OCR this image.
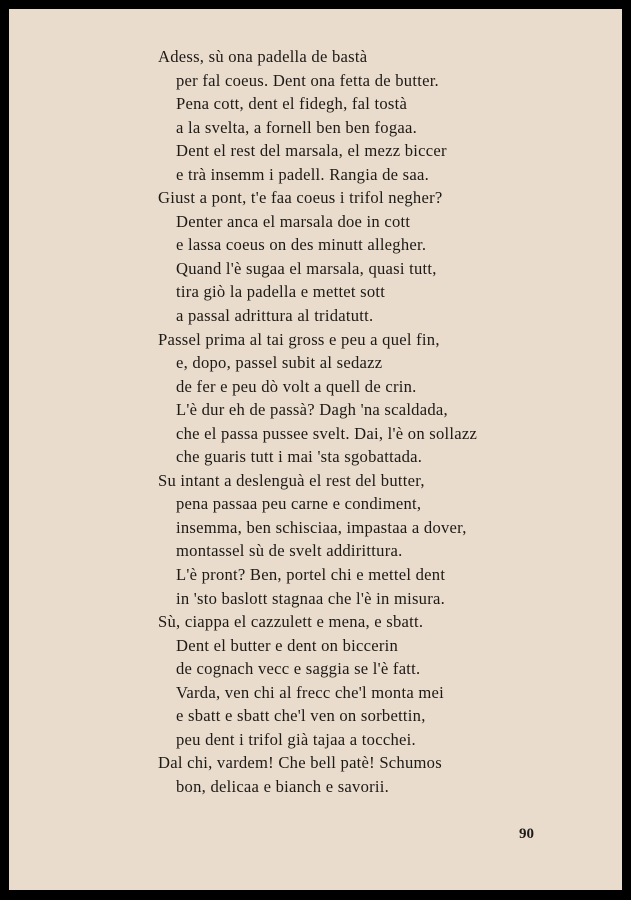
Adess, sù ona padella de bastà
per fal coeus. Dent ona fetta de butter.
Pena cott, dent el fidegh, fal tostà
a la svelta, a fornell ben ben fogaa.
Dent el rest del marsala, el mezz biccer
e trà insemm i padell. Rangia de saa.
Giust a pont, t'e faa coeus i trifol negher?
Denter anca el marsala doe in cott
e lassa coeus on des minutt allegher.
Quand l'è sugaa el marsala, quasi tutt,
tira giò la padella e mettet sott
a passal adrittura al tridatutt.
Passel prima al tai gross e peu a quel fin,
e, dopo, passel subit al sedazz
de fer e peu dò volt a quell de crin.
L'è dur eh de passà? Dagh 'na scaldada,
che el passa pussee svelt. Dai, l'è on sollazz
che guaris tutt i mai 'sta sgobattada.
Su intant a deslenguà el rest del butter,
pena passaa peu carne e condiment,
insemma, ben schisciaa, impastaa a dover,
montassel sù de svelt addirittura.
L'è pront? Ben, portel chi e mettel dent
in 'sto baslott stagnaa che l'è in misura.
Sù, ciappa el cazzulett e mena, e sbatt.
Dent el butter e dent on biccerin
de cognach vecc e saggia se l'è fatt.
Varda, ven chi al frecc che'l monta mei
e sbatt e sbatt che'l ven on sorbettin,
peu dent i trifol già tajaa a tocchei.
Dal chi, vardem! Che bell patè! Schumos
bon, delicaa e bianch e savorii.
90
